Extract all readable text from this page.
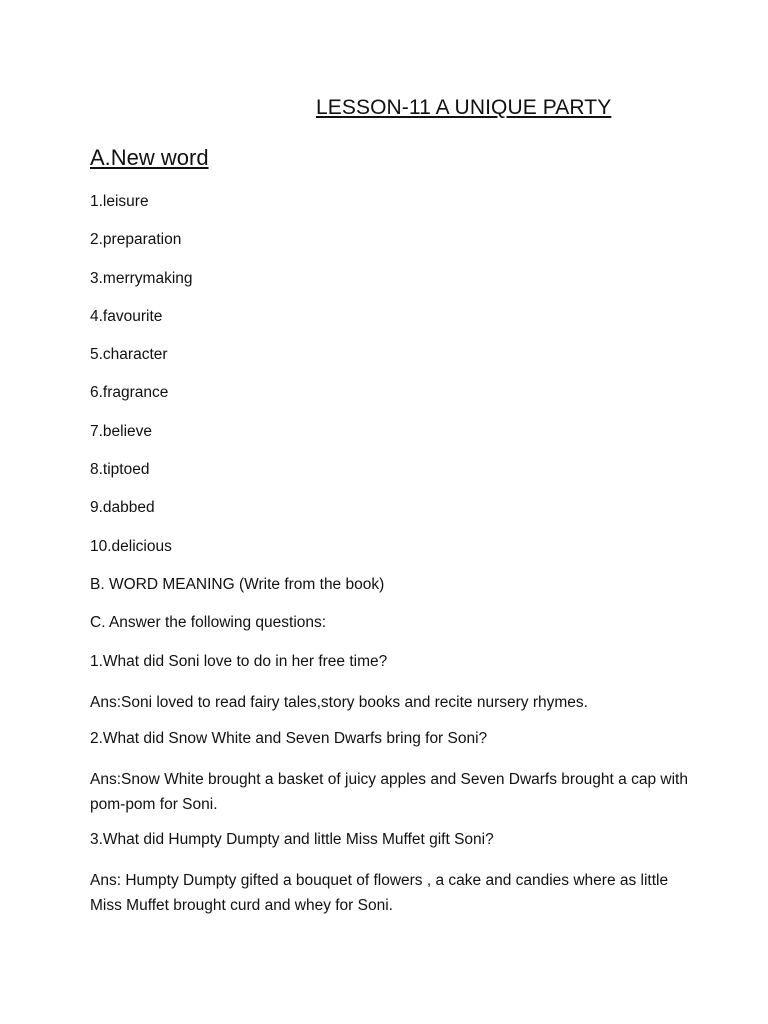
LESSON-11 A UNIQUE PARTY
A.New word
1.leisure
2.preparation
3.merrymaking
4.favourite
5.character
6.fragrance
7.believe
8.tiptoed
9.dabbed
10.delicious
B. WORD MEANING (Write from the book)
C. Answer the following questions:
1.What did Soni love to do in her free time?
Ans:Soni loved to read fairy tales,story books and recite nursery rhymes.
2.What did Snow White and Seven Dwarfs bring for Soni?
Ans:Snow White brought a basket of juicy apples and Seven Dwarfs brought a cap with pom-pom for Soni.
3.What did Humpty Dumpty and little Miss Muffet gift Soni?
Ans: Humpty Dumpty gifted a bouquet of flowers , a cake and candies where as little Miss Muffet brought curd and whey for Soni.
